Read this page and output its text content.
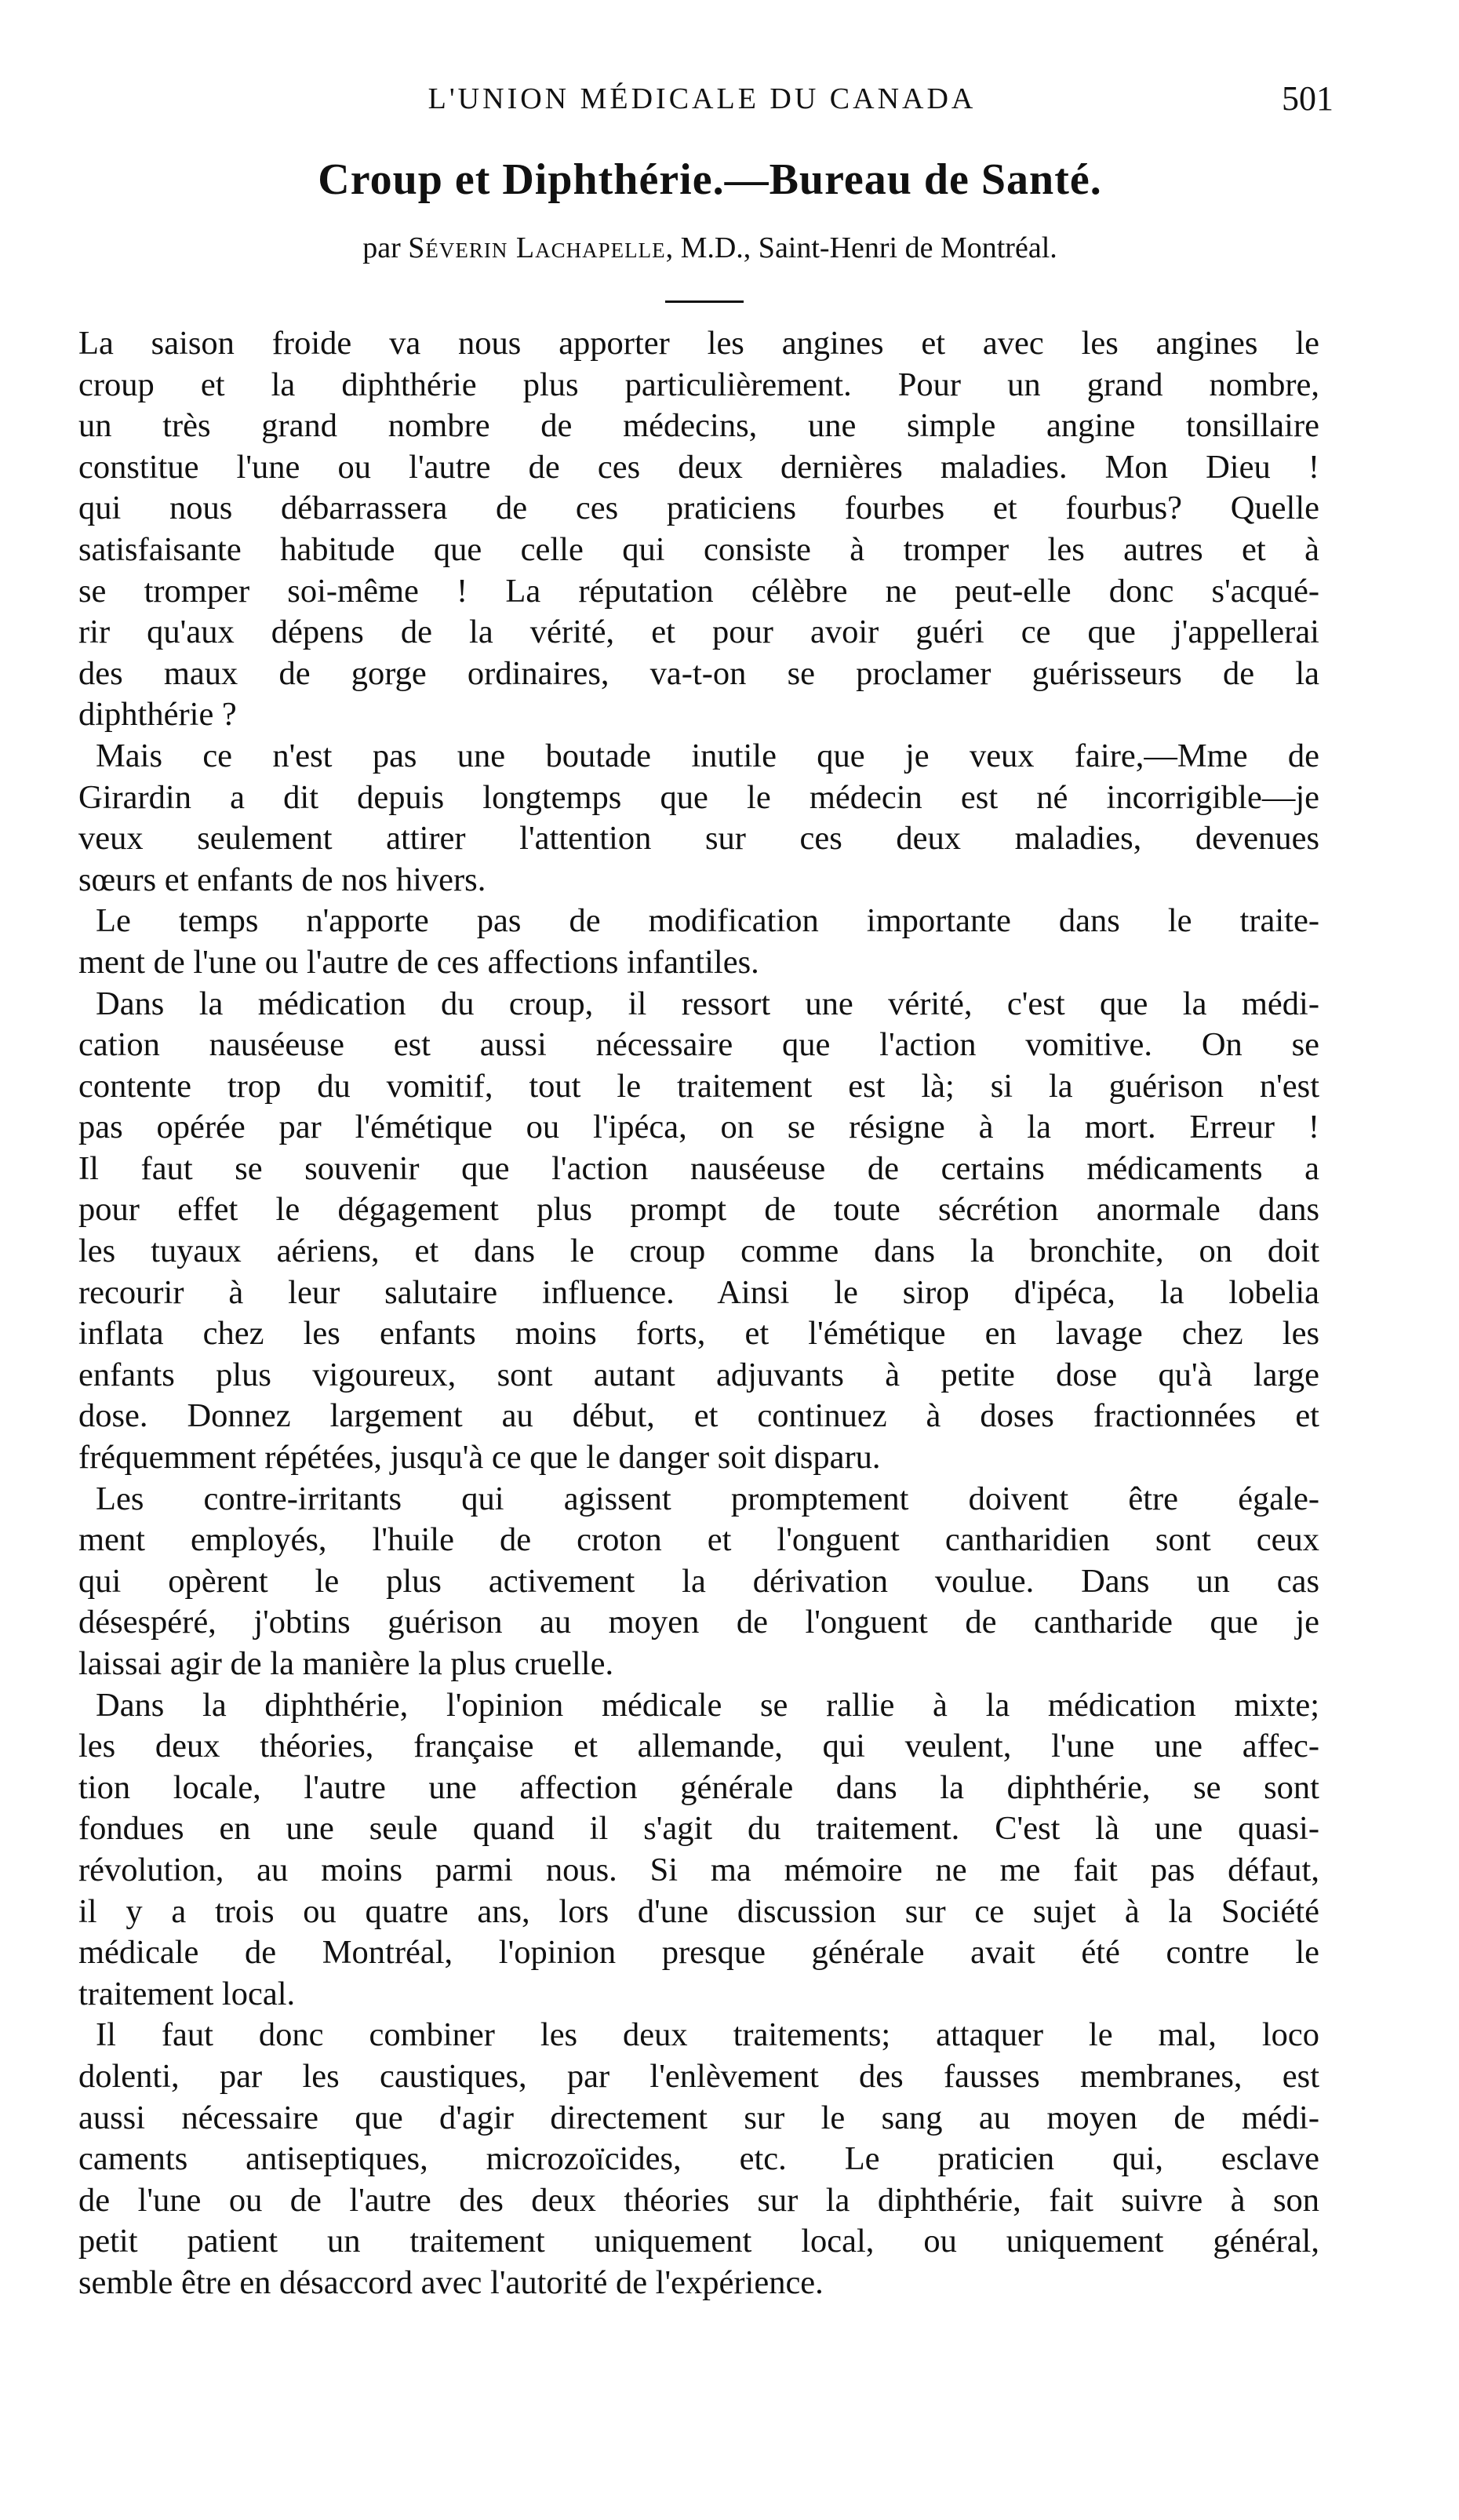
L'UNION MÉDICALE DU CANADA	501
Croup et Diphthérie.—Bureau de Santé.
par Séverin Lachapelle, M.D., Saint-Henri de Montréal.
La saison froide va nous apporter les angines et avec les angines le
croup et la diphthérie plus particulièrement. Pour un grand nombre,
un très grand nombre de médecins, une simple angine tonsillaire
constitue l'une ou l'autre de ces deux dernières maladies. Mon Dieu !
qui nous débarrassera de ces praticiens fourbes et fourbus? Quelle
satisfaisante habitude que celle qui consiste à tromper les autres et à
se tromper soi-même ! La réputation célèbre ne peut-elle donc s'acqué-
rir qu'aux dépens de la vérité, et pour avoir guéri ce que j'appellerai
des maux de gorge ordinaires, va-t-on se proclamer guérisseurs de la
diphthérie ?
Mais ce n'est pas une boutade inutile que je veux faire,—Mme de
Girardin a dit depuis longtemps que le médecin est né incorrigible—je
veux seulement attirer l'attention sur ces deux maladies, devenues
sœurs et enfants de nos hivers.
Le temps n'apporte pas de modification importante dans le traite-
ment de l'une ou l'autre de ces affections infantiles.
Dans la médication du croup, il ressort une vérité, c'est que la médi-
cation nauséeuse est aussi nécessaire que l'action vomitive. On se
contente trop du vomitif, tout le traitement est là; si la guérison n'est
pas opérée par l'émétique ou l'ipéca, on se résigne à la mort. Erreur !
Il faut se souvenir que l'action nauséeuse de certains médicaments a
pour effet le dégagement plus prompt de toute sécrétion anormale dans
les tuyaux aériens, et dans le croup comme dans la bronchite, on doit
recourir à leur salutaire influence. Ainsi le sirop d'ipéca, la lobelia
inflata chez les enfants moins forts, et l'émétique en lavage chez les
enfants plus vigoureux, sont autant adjuvants à petite dose qu'à large
dose. Donnez largement au début, et continuez à doses fractionnées et
fréquemment répétées, jusqu'à ce que le danger soit disparu.
Les contre-irritants qui agissent promptement doivent être égale-
ment employés, l'huile de croton et l'onguent cantharidien sont ceux
qui opèrent le plus activement la dérivation voulue. Dans un cas
désespéré, j'obtins guérison au moyen de l'onguent de cantharide que je
laissai agir de la manière la plus cruelle.
Dans la diphthérie, l'opinion médicale se rallie à la médication mixte;
les deux théories, française et allemande, qui veulent, l'une une affec-
tion locale, l'autre une affection générale dans la diphthérie, se sont
fondues en une seule quand il s'agit du traitement. C'est là une quasi-
révolution, au moins parmi nous. Si ma mémoire ne me fait pas défaut,
il y a trois ou quatre ans, lors d'une discussion sur ce sujet à la Société
médicale de Montréal, l'opinion presque générale avait été contre le
traitement local.
Il faut donc combiner les deux traitements; attaquer le mal, loco
dolenti, par les caustiques, par l'enlèvement des fausses membranes, est
aussi nécessaire que d'agir directement sur le sang au moyen de médi-
caments antiseptiques, microzoïcides, etc. Le praticien qui, esclave
de l'une ou de l'autre des deux théories sur la diphthérie, fait suivre à son
petit patient un traitement uniquement local, ou uniquement général,
semble être en désaccord avec l'autorité de l'expérience.
